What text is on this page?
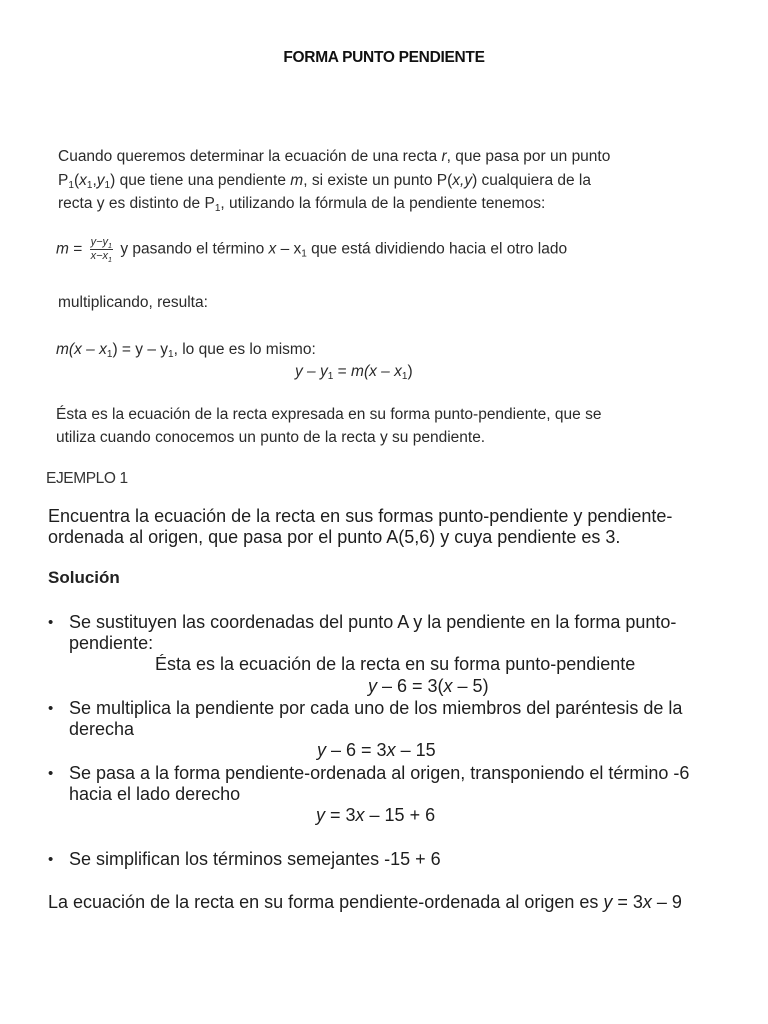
FORMA PUNTO PENDIENTE
Cuando queremos determinar la ecuación de una recta r, que pasa por un punto
$P_1(x_1,y_1)$ que tiene una pendiente m, si existe un punto P(x,y) cualquiera de la
recta y es distinto de $P_1$, utilizando la fórmula de la pendiente tenemos:
$m = \frac{y-y_1}{x-x_1}$ y pasando el término x – $x_1$ que está dividiendo hacia el otro lado
multiplicando, resulta:
$m(x - x_1) = y - y_1$, lo que es lo mismo:
$y - y_1 = m(x - x_1)$
Ésta es la ecuación de la recta expresada en su forma punto-pendiente, que se
utiliza cuando conocemos un punto de la recta y su pendiente.
EJEMPLO 1
Encuentra la ecuación de la recta en sus formas punto-pendiente y pendiente-
ordenada al origen, que pasa por el punto A(5,6) y cuya pendiente es 3.
Solución
• Se sustituyen las coordenadas del punto A y la pendiente en la forma punto-
pendiente:
Ésta es la ecuación de la recta en su forma punto-pendiente
y – 6 = 3(x – 5)
• Se multiplica la pendiente por cada uno de los miembros del paréntesis de la
derecha
y – 6 = 3x – 15
• Se pasa a la forma pendiente-ordenada al origen, transponiendo el término -6
hacia el lado derecho
y = 3x – 15 + 6
• Se simplifican los términos semejantes -15 + 6
La ecuación de la recta en su forma pendiente-ordenada al origen es y = 3x – 9
